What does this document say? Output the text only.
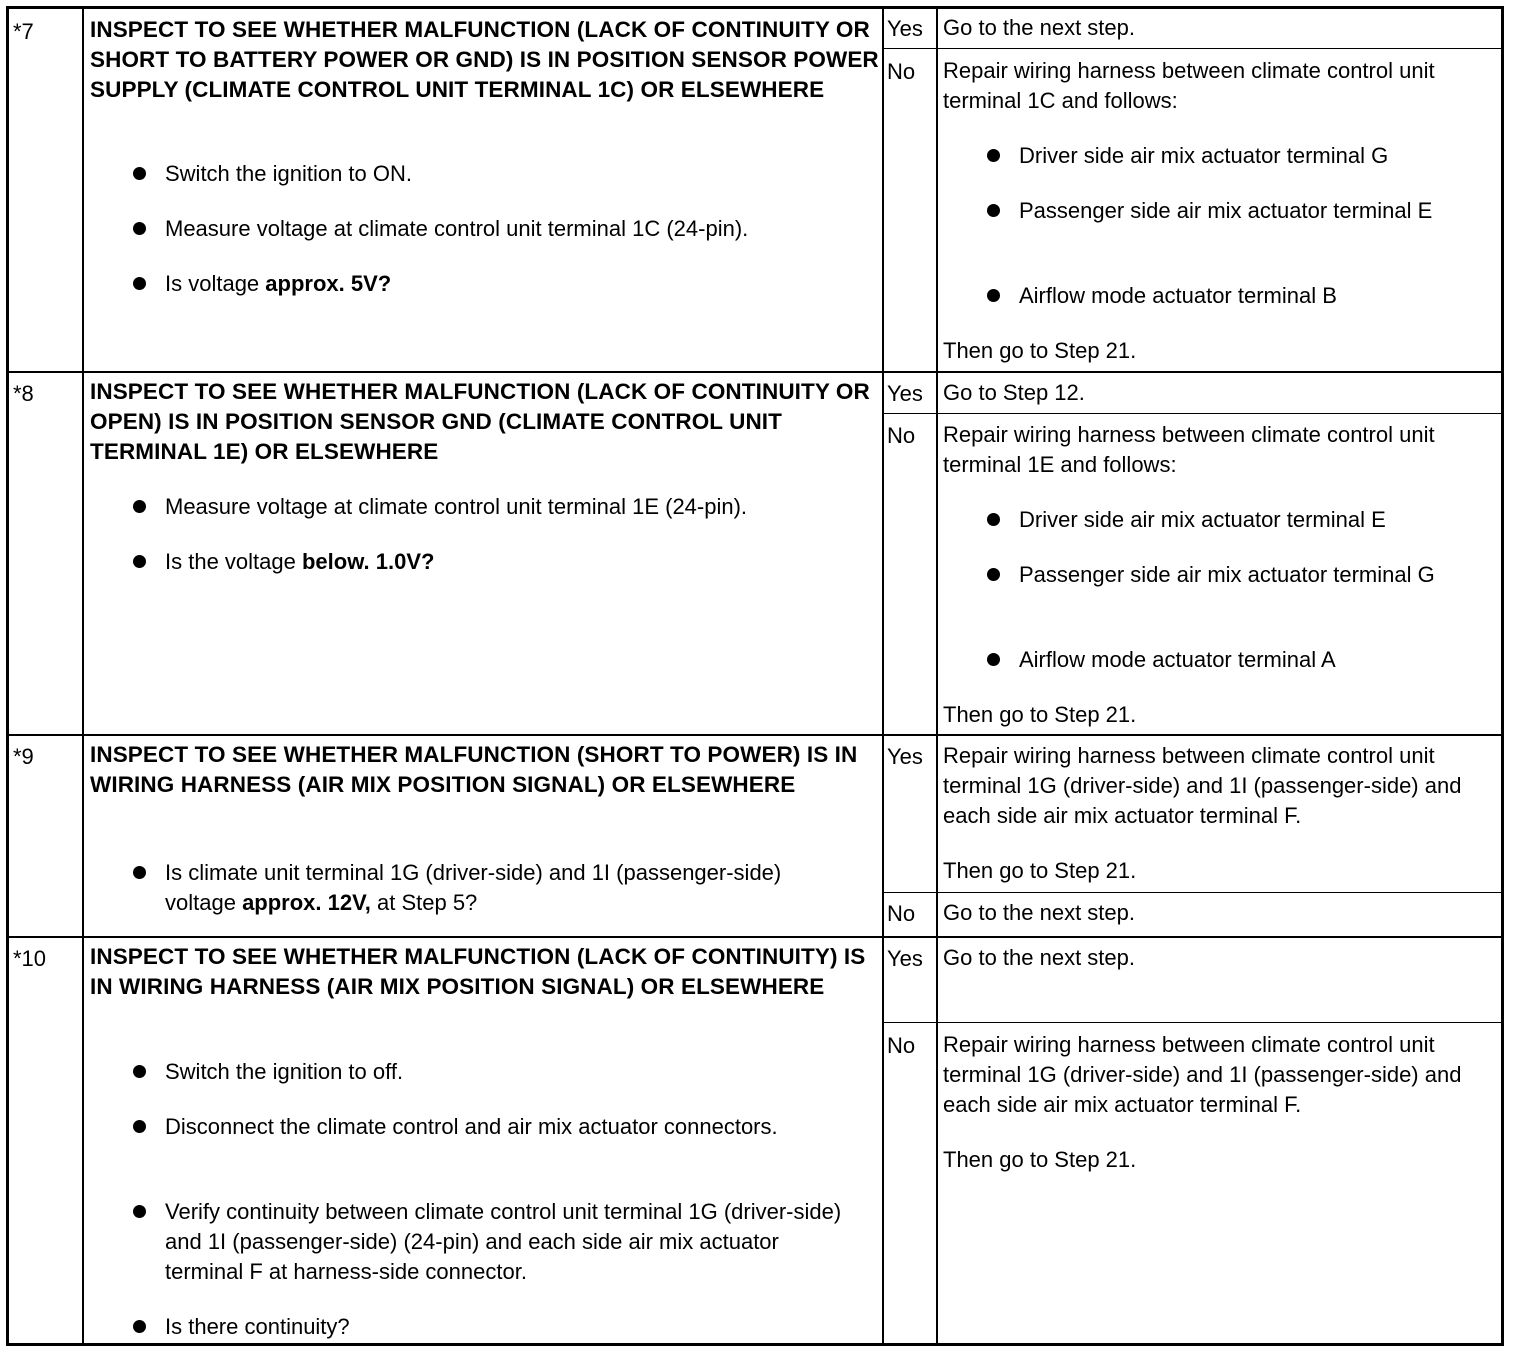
*7 INSPECT TO SEE WHETHER MALFUNCTION (LACK OF CONTINUITY OR SHORT TO BATTERY POWER OR GND) IS IN POSITION SENSOR POWER SUPPLY (CLIMATE CONTROL UNIT TERMINAL 1C) OR ELSEWHERE
Switch the ignition to ON.
Measure voltage at climate control unit terminal 1C (24-pin).
Is voltage approx. 5V?
Yes Go to the next step.
No Repair wiring harness between climate control unit terminal 1C and follows:
Driver side air mix actuator terminal G
Passenger side air mix actuator terminal E
Airflow mode actuator terminal B
Then go to Step 21.
*8 INSPECT TO SEE WHETHER MALFUNCTION (LACK OF CONTINUITY OR OPEN) IS IN POSITION SENSOR GND (CLIMATE CONTROL UNIT TERMINAL 1E) OR ELSEWHERE
Measure voltage at climate control unit terminal 1E (24-pin).
Is the voltage below. 1.0V?
Yes Go to Step 12.
No Repair wiring harness between climate control unit terminal 1E and follows:
Driver side air mix actuator terminal E
Passenger side air mix actuator terminal G
Airflow mode actuator terminal A
Then go to Step 21.
*9 INSPECT TO SEE WHETHER MALFUNCTION (SHORT TO POWER) IS IN WIRING HARNESS (AIR MIX POSITION SIGNAL) OR ELSEWHERE
Is climate unit terminal 1G (driver-side) and 1I (passenger-side) voltage approx. 12V, at Step 5?
Yes Repair wiring harness between climate control unit terminal 1G (driver-side) and 1I (passenger-side) and each side air mix actuator terminal F.
Then go to Step 21.
No Go to the next step.
*10 INSPECT TO SEE WHETHER MALFUNCTION (LACK OF CONTINUITY) IS IN WIRING HARNESS (AIR MIX POSITION SIGNAL) OR ELSEWHERE
Switch the ignition to off.
Disconnect the climate control and air mix actuator connectors.
Verify continuity between climate control unit terminal 1G (driver-side) and 1I (passenger-side) (24-pin) and each side air mix actuator terminal F at harness-side connector.
Is there continuity?
Yes Go to the next step.
No Repair wiring harness between climate control unit terminal 1G (driver-side) and 1I (passenger-side) and each side air mix actuator terminal F.
Then go to Step 21.
